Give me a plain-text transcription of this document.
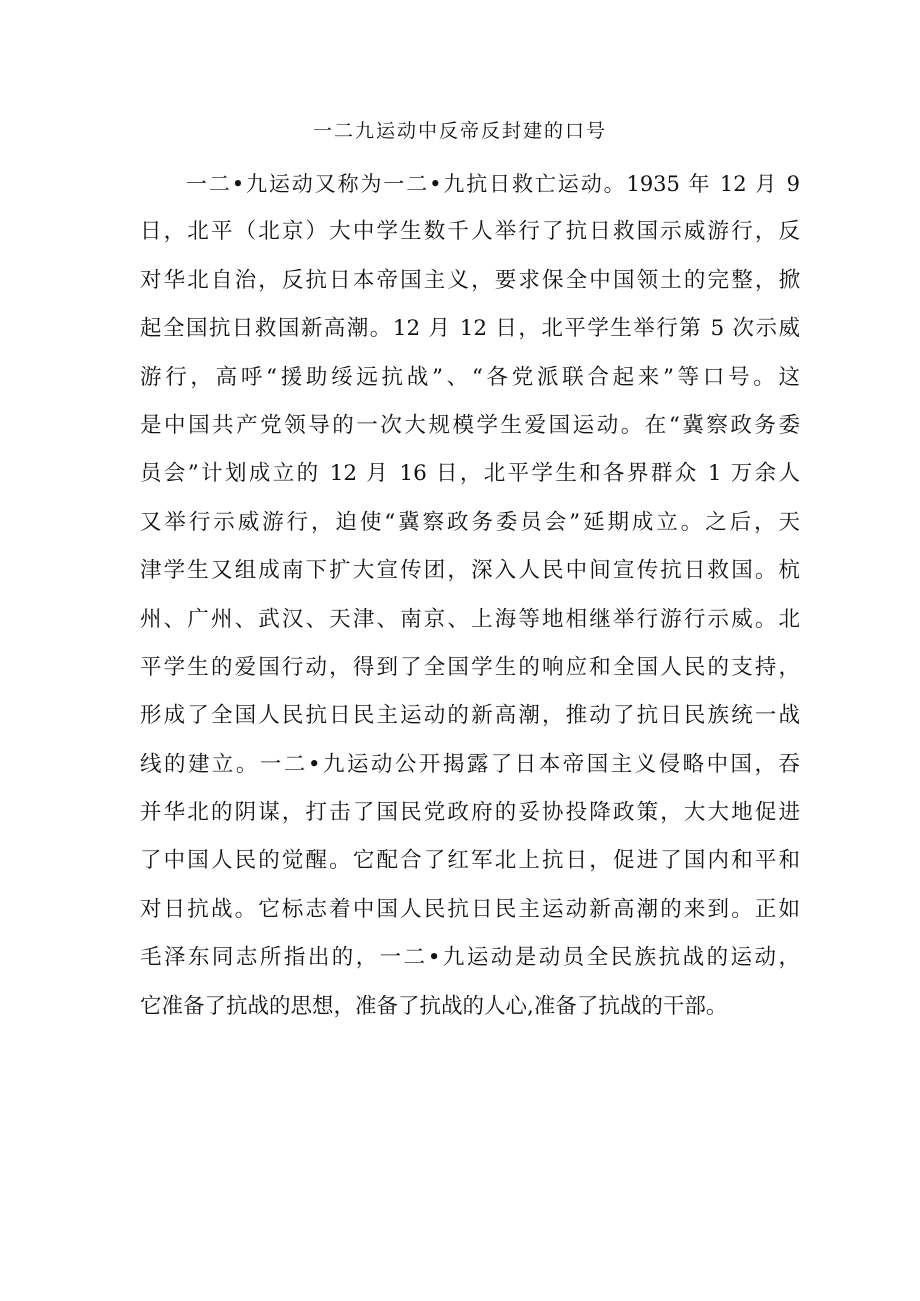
一二九运动中反帝反封建的口号
一二•九运动又称为一二•九抗日救亡运动。1935 年 12 月 9
日，北平（北京）大中学生数千人举行了抗日救国示威游行，反
对华北自治，反抗日本帝国主义，要求保全中国领土的完整，掀
起全国抗日救国新高潮。12 月 12 日，北平学生举行第 5 次示威
游行，高呼“援助绥远抗战”、“各党派联合起来”等口号。这
是中国共产党领导的一次大规模学生爱国运动。在“冀察政务委
员会”计划成立的 12 月 16 日，北平学生和各界群众 1 万余人
又举行示威游行，迫使“冀察政务委员会”延期成立。之后，天
津学生又组成南下扩大宣传团，深入人民中间宣传抗日救国。杭
州、广州、武汉、天津、南京、上海等地相继举行游行示威。北
平学生的爱国行动，得到了全国学生的响应和全国人民的支持，
形成了全国人民抗日民主运动的新高潮，推动了抗日民族统一战
线的建立。一二•九运动公开揭露了日本帝国主义侵略中国，吞
并华北的阴谋，打击了国民党政府的妥协投降政策，大大地促进
了中国人民的觉醒。它配合了红军北上抗日，促进了国内和平和
对日抗战。它标志着中国人民抗日民主运动新高潮的来到。正如
毛泽东同志所指出的，一二•九运动是动员全民族抗战的运动，
它准备了抗战的思想，准备了抗战的人心,准备了抗战的干部。
